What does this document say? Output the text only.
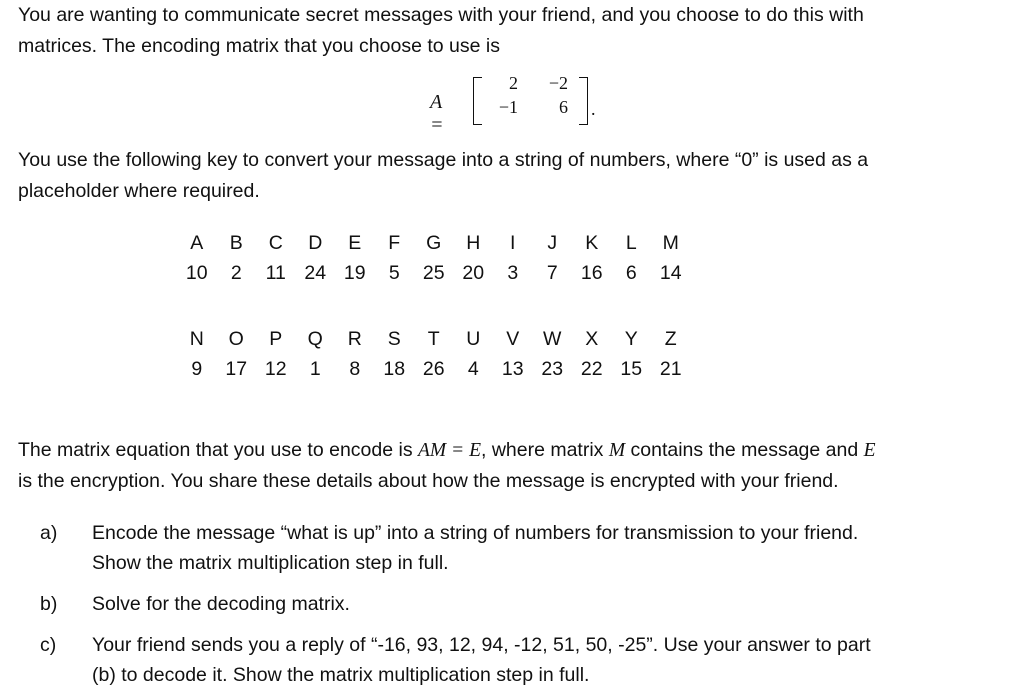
You are wanting to communicate secret messages with your friend, and you choose to do this with
matrices. The encoding matrix that you choose to use is

A =
2	−2
−1	6 .

You use the following key to convert your message into a string of numbers, where “0” is used as a
placeholder where required.

A	B	C	D	E	F	G	H	I	J	K	L	M
10	2	11	24	19	5	25	20	3	7	16	6	14
N	O	P	Q	R	S	T	U	V	W	X	Y	Z
9	17	12	1	8	18	26	4	13	23	22	15	21

The matrix equation that you use to encode is AM = E, where matrix M contains the message and E
is the encryption. You share these details about how the message is encrypted with your friend.

a) Encode the message “what is up” into a string of numbers for transmission to your friend.
Show the matrix multiplication step in full.
b) Solve for the decoding matrix.
c) Your friend sends you a reply of “-16, 93, 12, 94, -12, 51, 50, -25”. Use your answer to part
(b) to decode it. Show the matrix multiplication step in full.
